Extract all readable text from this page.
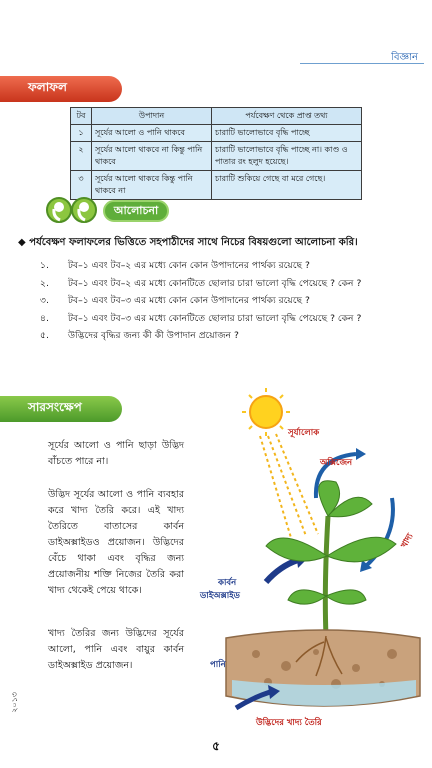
বিজ্ঞান
ফলাফল
টব	উপাদান	পর্যবেক্ষণ থেকে প্রাপ্ত তথ্য
১	সূর্যের আলো ও পানি থাকবে	চারাটি ভালোভাবে বৃদ্ধি পাচ্ছে
২	সূর্যের আলো থাকবে না কিন্তু পানি থাকবে	চারাটি ভালোভাবে বৃদ্ধি পাচ্ছে না। কাণ্ড ও পাতার রং হলুদ হয়েছে।
৩	সূর্যের আলো থাকবে কিন্তু পানি থাকবে না	চারাটি শুকিয়ে গেছে বা মরে গেছে।
আলোচনা
◆ পর্যবেক্ষণ ফলাফলের ভিত্তিতে সহপাঠীদের সাথে নিচের বিষয়গুলো আলোচনা করি।
১.	টব–১ এবং টব–২ এর মধ্যে কোন কোন উপাদানের পার্থক্য রয়েছে ?
২.	টব–১ এবং টব–২ এর মধ্যে কোনটিতে ছোলার চারা ভালো বৃদ্ধি পেয়েছে ? কেন ?
৩.	টব–১ এবং টব–৩ এর মধ্যে কোন কোন উপাদানের পার্থক্য রয়েছে ?
৪.	টব–১ এবং টব–৩ এর মধ্যে কোনটিতে ছোলার চারা ভালো বৃদ্ধি পেয়েছে ? কেন ?
৫.	উদ্ভিদের বৃদ্ধির জন্য কী কী উপাদান প্রয়োজন ?
সারসংক্ষেপ
সূর্যের আলো ও পানি ছাড়া উদ্ভিদ বাঁচতে পারে না।
উদ্ভিদ সূর্যের আলো ও পানি ব্যবহার করে খাদ্য তৈরি করে। এই খাদ্য তৈরিতে বাতাসের কার্বন ডাইঅক্সাইডও প্রয়োজন। উদ্ভিদের বেঁচে থাকা এবং বৃদ্ধির জন্য প্রয়োজনীয় শক্তি নিজের তৈরি করা খাদ্য থেকেই পেয়ে থাকে।
খাদ্য তৈরির জন্য উদ্ভিদের সূর্যের আলো, পানি এবং বায়ুর কার্বন ডাইঅক্সাইড প্রয়োজন।
সূর্যালোক
অক্সিজেন
খাদ্য
কার্বন
ডাইঅক্সাইড
পানি
উদ্ভিদের খাদ্য তৈরি
২০১৩
৫
